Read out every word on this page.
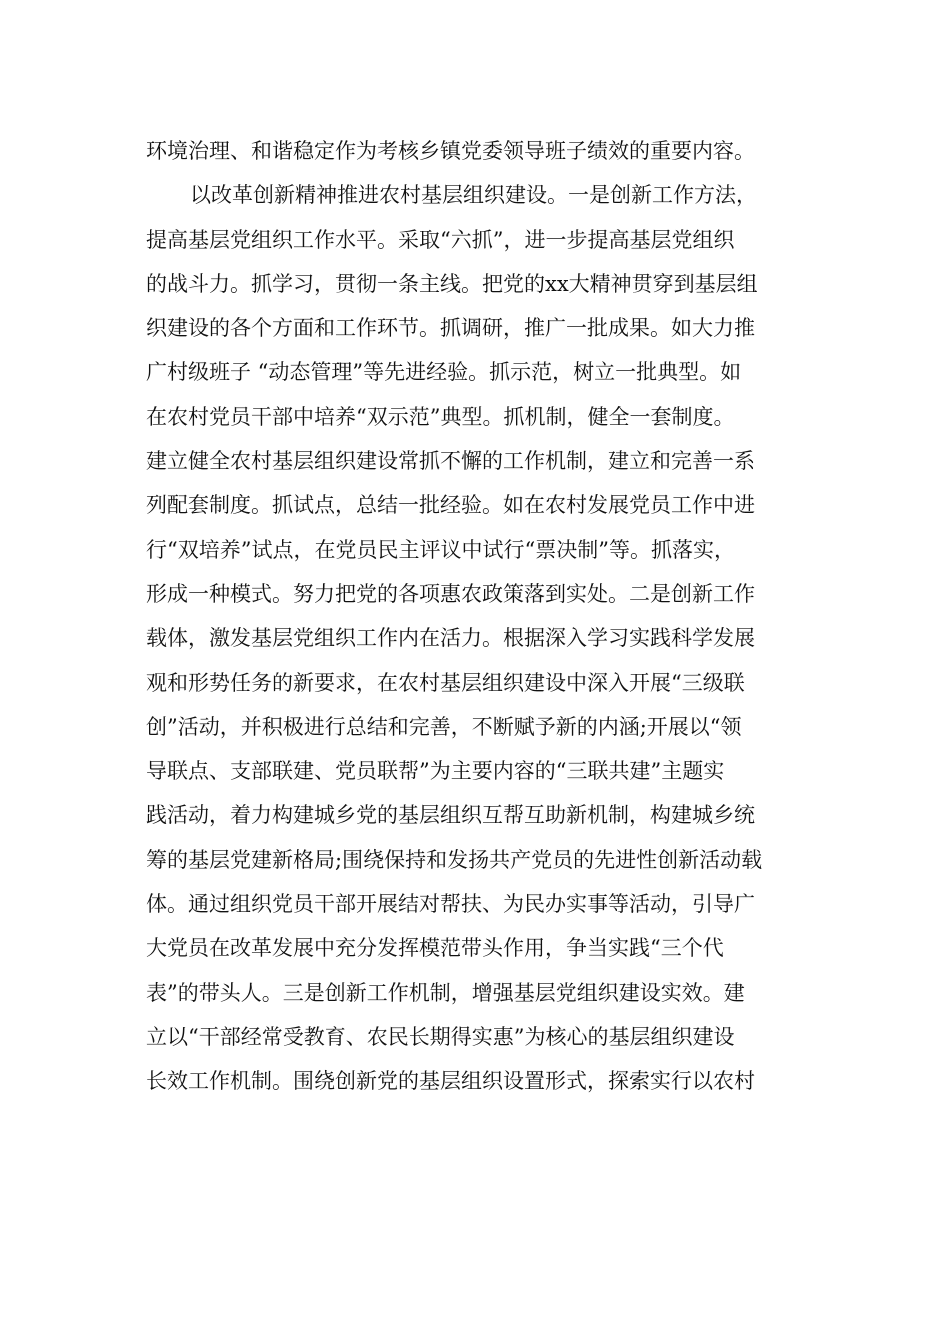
环境治理、和谐稳定作为考核乡镇党委领导班子绩效的重要内容。
以改革创新精神推进农村基层组织建设。一是创新工作方法，
提高基层党组织工作水平。采取“六抓”，进一步提高基层党组织
的战斗力。抓学习，贯彻一条主线。把党的xx大精神贯穿到基层组
织建设的各个方面和工作环节。抓调研，推广一批成果。如大力推
广村级班子 “动态管理”等先进经验。抓示范，树立一批典型。如
在农村党员干部中培养“双示范”典型。抓机制，健全一套制度。
建立健全农村基层组织建设常抓不懈的工作机制，建立和完善一系
列配套制度。抓试点，总结一批经验。如在农村发展党员工作中进
行“双培养”试点，在党员民主评议中试行“票决制”等。抓落实，
形成一种模式。努力把党的各项惠农政策落到实处。二是创新工作
载体，激发基层党组织工作内在活力。根据深入学习实践科学发展
观和形势任务的新要求，在农村基层组织建设中深入开展“三级联
创”活动，并积极进行总结和完善，不断赋予新的内涵;开展以“领
导联点、支部联建、党员联帮”为主要内容的“三联共建”主题实
践活动，着力构建城乡党的基层组织互帮互助新机制，构建城乡统
筹的基层党建新格局;围绕保持和发扬共产党员的先进性创新活动载
体。通过组织党员干部开展结对帮扶、为民办实事等活动，引导广
大党员在改革发展中充分发挥模范带头作用，争当实践“三个代
表”的带头人。三是创新工作机制，增强基层党组织建设实效。建
立以“干部经常受教育、农民长期得实惠”为核心的基层组织建设
长效工作机制。围绕创新党的基层组织设置形式，探索实行以农村
